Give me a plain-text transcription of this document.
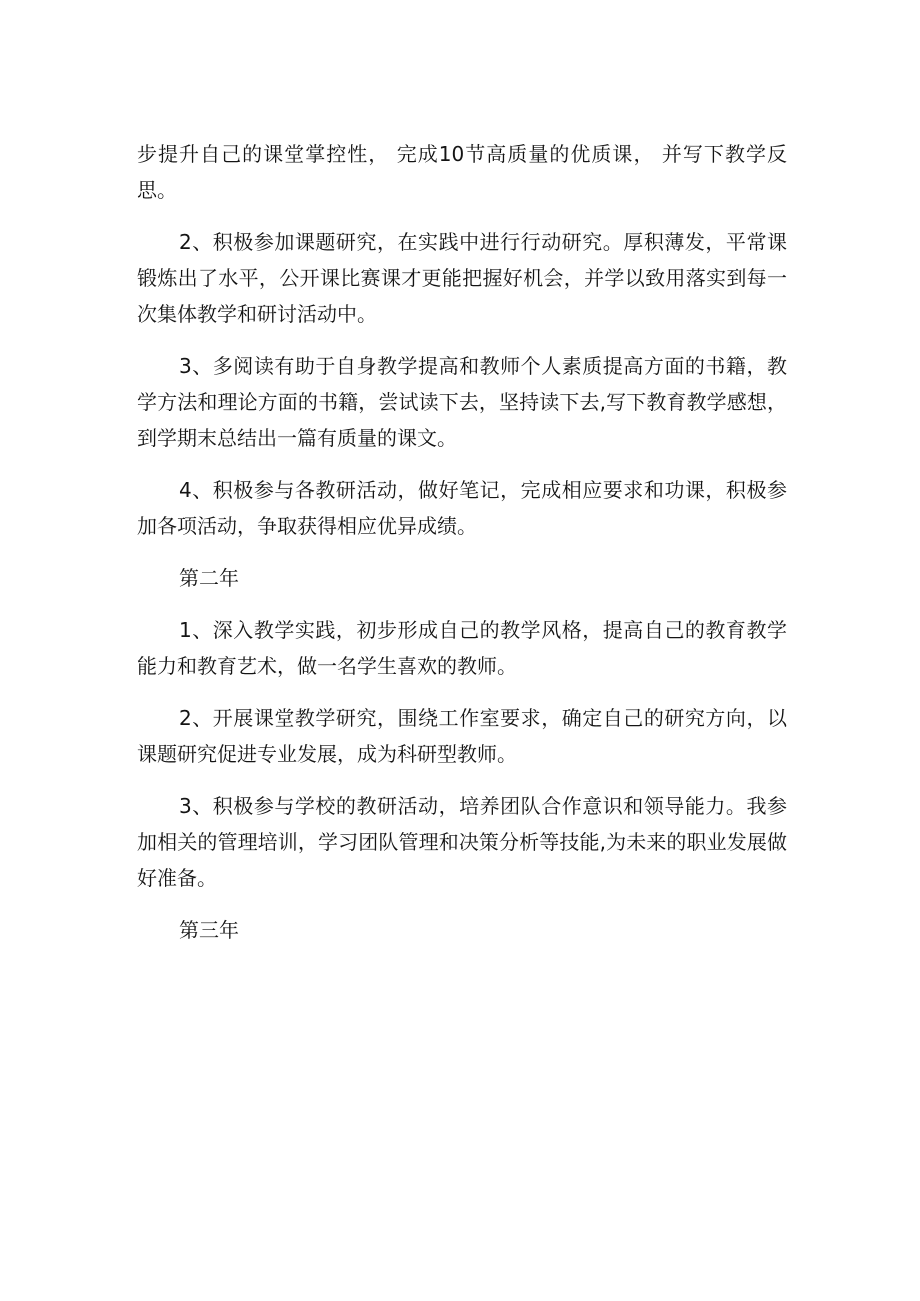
步提升自己的课堂掌控性， 完成10节高质量的优质课， 并写下教学反思。

2、积极参加课题研究，在实践中进行行动研究。厚积薄发，平常课锻炼出了水平，公开课比赛课才更能把握好机会，并学以致用落实到每一次集体教学和研讨活动中。

3、多阅读有助于自身教学提高和教师个人素质提高方面的书籍，教学方法和理论方面的书籍，尝试读下去，坚持读下去,写下教育教学感想，到学期末总结出一篇有质量的课文。

4、积极参与各教研活动，做好笔记，完成相应要求和功课，积极参加各项活动，争取获得相应优异成绩。

第二年

1、深入教学实践，初步形成自己的教学风格，提高自己的教育教学能力和教育艺术，做一名学生喜欢的教师。

2、开展课堂教学研究，围绕工作室要求，确定自己的研究方向，以课题研究促进专业发展，成为科研型教师。

3、积极参与学校的教研活动，培养团队合作意识和领导能力。我参加相关的管理培训，学习团队管理和决策分析等技能,为未来的职业发展做好准备。

第三年
